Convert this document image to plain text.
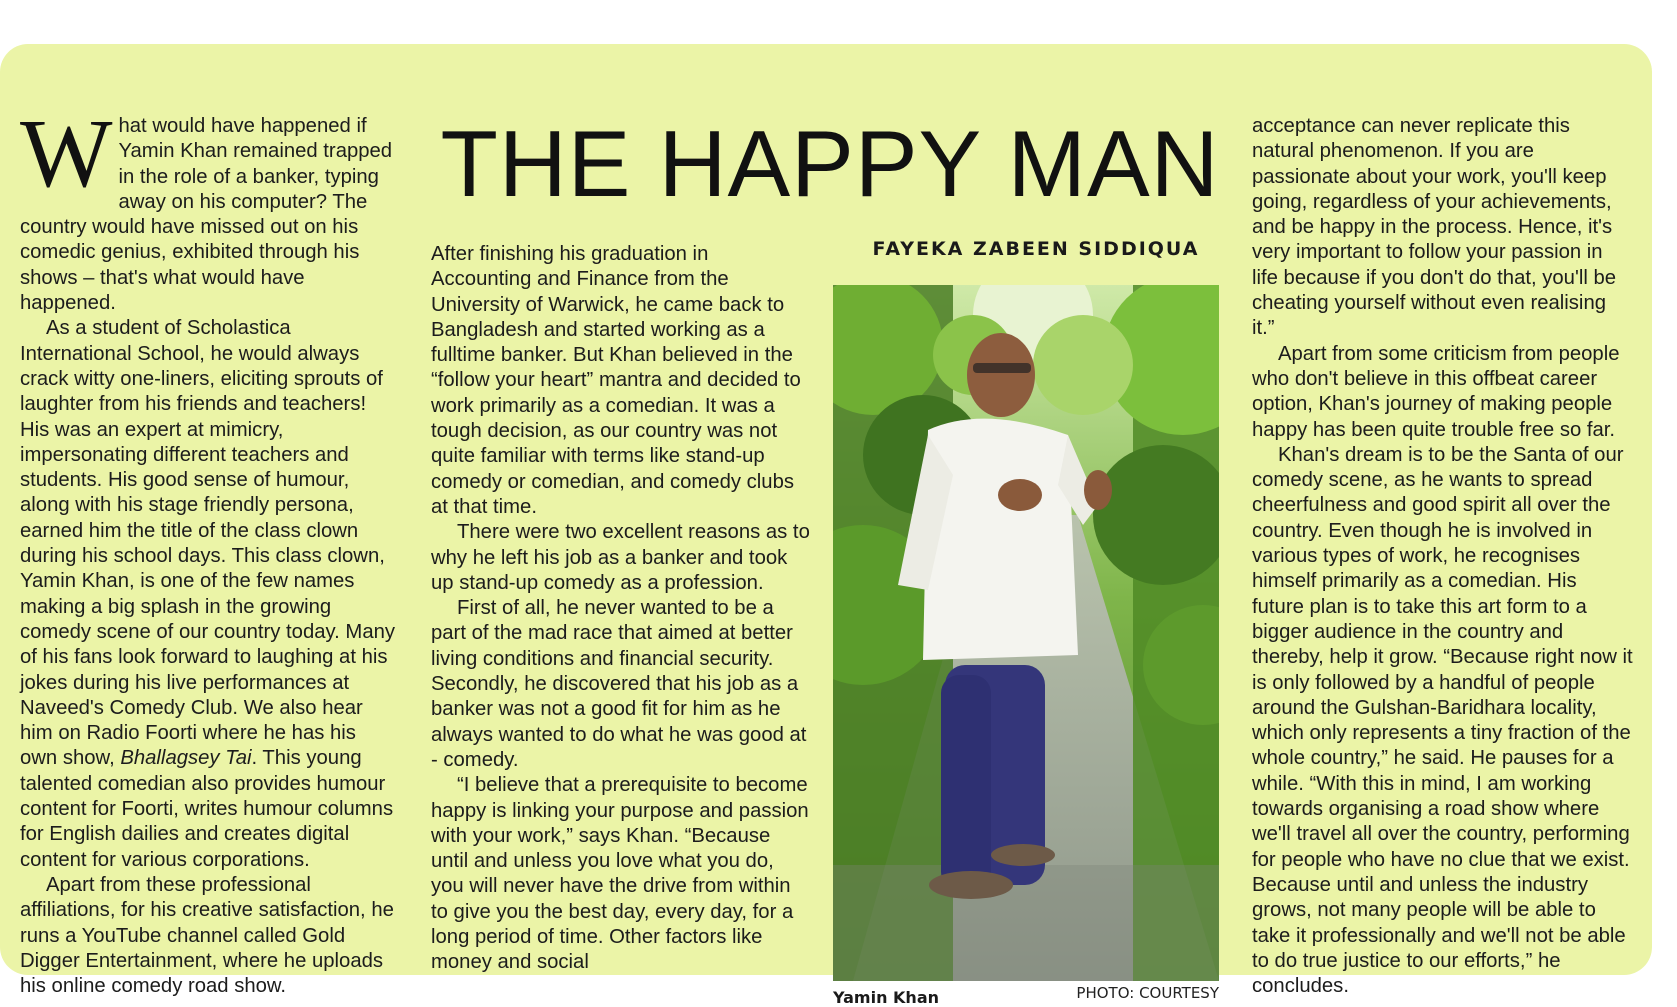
What would have happened if Yamin Khan remained trapped in the role of a banker, typing away on his computer? The country would have missed out on his comedic genius, exhibited through his shows – that's what would have happened.

As a student of Scholastica International School, he would always crack witty one-liners, eliciting sprouts of laughter from his friends and teachers! His was an expert at mimicry, impersonating different teachers and students. His good sense of humour, along with his stage friendly persona, earned him the title of the class clown during his school days. This class clown, Yamin Khan, is one of the few names making a big splash in the growing comedy scene of our country today. Many of his fans look forward to laughing at his jokes during his live performances at Naveed's Comedy Club. We also hear him on Radio Foorti where he has his own show, Bhallagsey Tai. This young talented comedian also provides humour content for Foorti, writes humour columns for English dailies and creates digital content for various corporations.

Apart from these professional affiliations, for his creative satisfaction, he runs a YouTube channel called Gold Digger Entertainment, where he uploads his online comedy road show.

THE HAPPY MAN
FAYEKA ZABEEN SIDDIQUA

After finishing his graduation in Accounting and Finance from the University of Warwick, he came back to Bangladesh and started working as a fulltime banker. But Khan believed in the “follow your heart” mantra and decided to work primarily as a comedian. It was a tough decision, as our country was not quite familiar with terms like stand-up comedy or comedian, and comedy clubs at that time.

There were two excellent reasons as to why he left his job as a banker and took up stand-up comedy as a profession.

First of all, he never wanted to be a part of the mad race that aimed at better living conditions and financial security. Secondly, he discovered that his job as a banker was not a good fit for him as he always wanted to do what he was good at - comedy.

“I believe that a prerequisite to become happy is linking your purpose and passion with your work,” says Khan. “Because until and unless you love what you do, you will never have the drive from within to give you the best day, every day, for a long period of time. Other factors like money and social

Yamin Khan	PHOTO: COURTESY

acceptance can never replicate this natural phenomenon. If you are passionate about your work, you'll keep going, regardless of your achievements, and be happy in the process. Hence, it's very important to follow your passion in life because if you don't do that, you'll be cheating yourself without even realising it.”

Apart from some criticism from people who don't believe in this offbeat career option, Khan's journey of making people happy has been quite trouble free so far.

Khan's dream is to be the Santa of our comedy scene, as he wants to spread cheerfulness and good spirit all over the country. Even though he is involved in various types of work, he recognises himself primarily as a comedian. His future plan is to take this art form to a bigger audience in the country and thereby, help it grow. “Because right now it is only followed by a handful of people around the Gulshan-Baridhara locality, which only represents a tiny fraction of the whole country,” he said. He pauses for a while. “With this in mind, I am working towards organising a road show where we'll travel all over the country, performing for people who have no clue that we exist. Because until and unless the industry grows, not many people will be able to take it professionally and we'll not be able to do true justice to our efforts,” he concludes.
